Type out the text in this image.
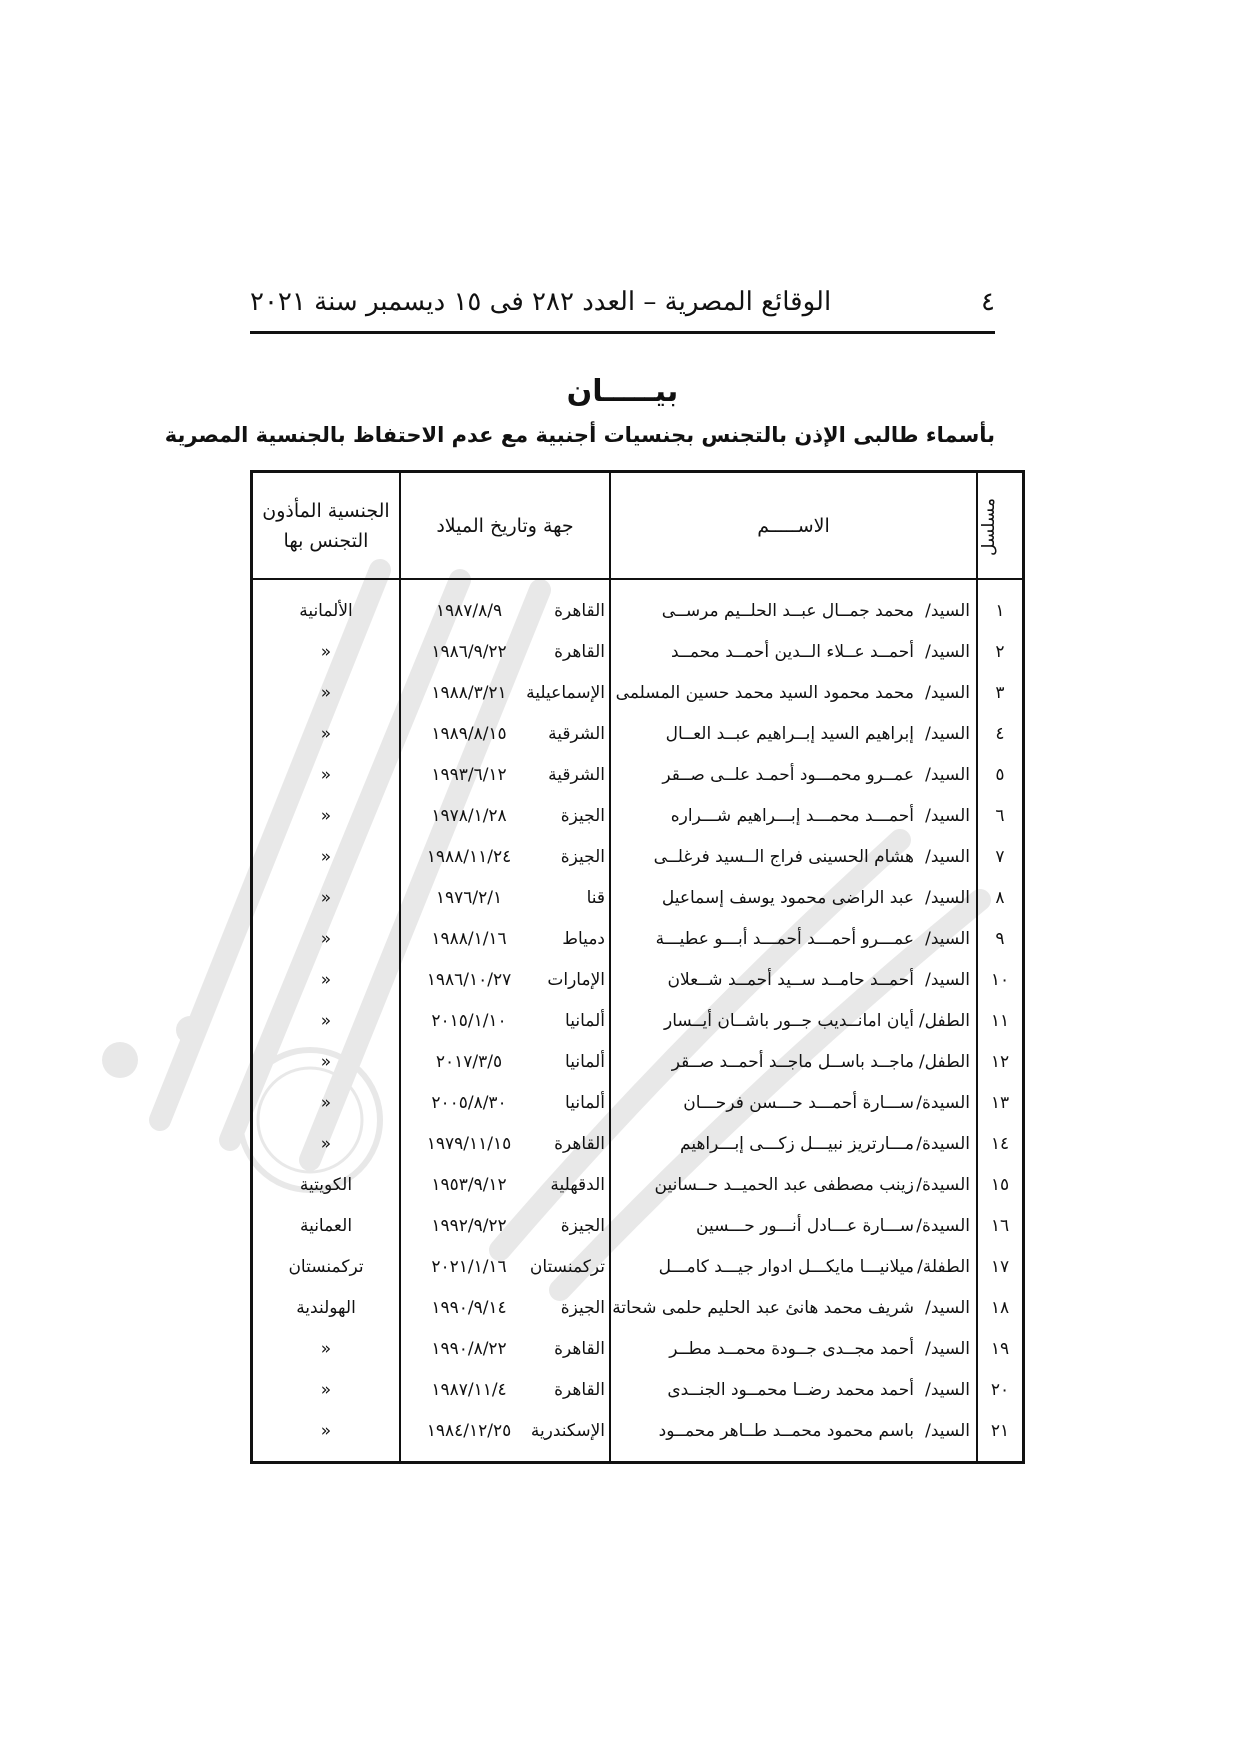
٤
الوقائع المصرية – العدد ٢٨٢ فى ١٥ ديسمبر سنة ٢٠٢١
بيـــــان
بأسماء طالبى الإذن بالتجنس بجنسيات أجنبية مع عدم الاحتفاظ بالجنسية المصرية
مسلسل	الاســـــم	جهة وتاريخ الميلاد	الجنسية المأذون
التجنس بها

١	السيد/محمد جمــال عبــد الحلــيم مرســى	القاهرة١٩٨٧/٨/٩	الألمانية
٢	السيد/أحمــد عــلاء الــدين أحمــد محمــد	القاهرة١٩٨٦/٩/٢٢	«
٣	السيد/محمد محمود السيد محمد حسين المسلمى	الإسماعيلية١٩٨٨/٣/٢١	«
٤	السيد/إبراهيم السيد إبــراهيم عبــد العــال	الشرقية١٩٨٩/٨/١٥	«
٥	السيد/عمــرو محمـــود أحمـد علــى صــقر	الشرقية١٩٩٣/٦/١٢	«
٦	السيد/أحمـــد محمـــد إبـــراهيم شـــراره	الجيزة١٩٧٨/١/٢٨	«
٧	السيد/هشام الحسينى فراج الــسيد فرغلــى	الجيزة١٩٨٨/١١/٢٤	«
٨	السيد/عبد الراضى محمود يوسف إسماعيل	قنا١٩٧٦/٢/١	«
٩	السيد/عمـــرو أحمـــد أحمـــد أبـــو عطيـــة	دمياط١٩٨٨/١/١٦	«
١٠	السيد/أحمــد حامــد ســيد أحمــد شــعلان	الإمارات١٩٨٦/١٠/٢٧	«
١١	الطفل/أيان امانــديب جــور باشــان أيــسار	ألمانيا٢٠١٥/١/١٠	«
١٢	الطفل/ماجــد باســل ماجــد أحمــد صــقر	ألمانيا٢٠١٧/٣/٥	«
١٣	السيدة/ســـارة أحمـــد حـــسن فرحـــان	ألمانيا٢٠٠٥/٨/٣٠	«
١٤	السيدة/مـــارتريز نبيـــل زكـــى إبـــراهيم	القاهرة١٩٧٩/١١/١٥	«
١٥	السيدة/زينب مصطفى عبد الحميــد حــسانين	الدقهلية١٩٥٣/٩/١٢	الكويتية
١٦	السيدة/ســـارة عـــادل أنـــور حـــسين	الجيزة١٩٩٢/٩/٢٢	العمانية
١٧	الطفلة/ميلانيـــا مايكـــل ادوار جيـــد كامـــل	تركمنستان٢٠٢١/١/١٦	تركمنستان
١٨	السيد/شريف محمد هانئ عبد الحليم حلمى شحاتة	الجيزة١٩٩٠/٩/١٤	الهولندية
١٩	السيد/أحمد مجــدى جــودة محمــد مطــر	القاهرة١٩٩٠/٨/٢٢	«
٢٠	السيد/أحمد محمد رضــا محمــود الجنــدى	القاهرة١٩٨٧/١١/٤	«
٢١	السيد/باسم محمود محمــد طــاهر محمــود	الإسكندرية١٩٨٤/١٢/٢٥	«
